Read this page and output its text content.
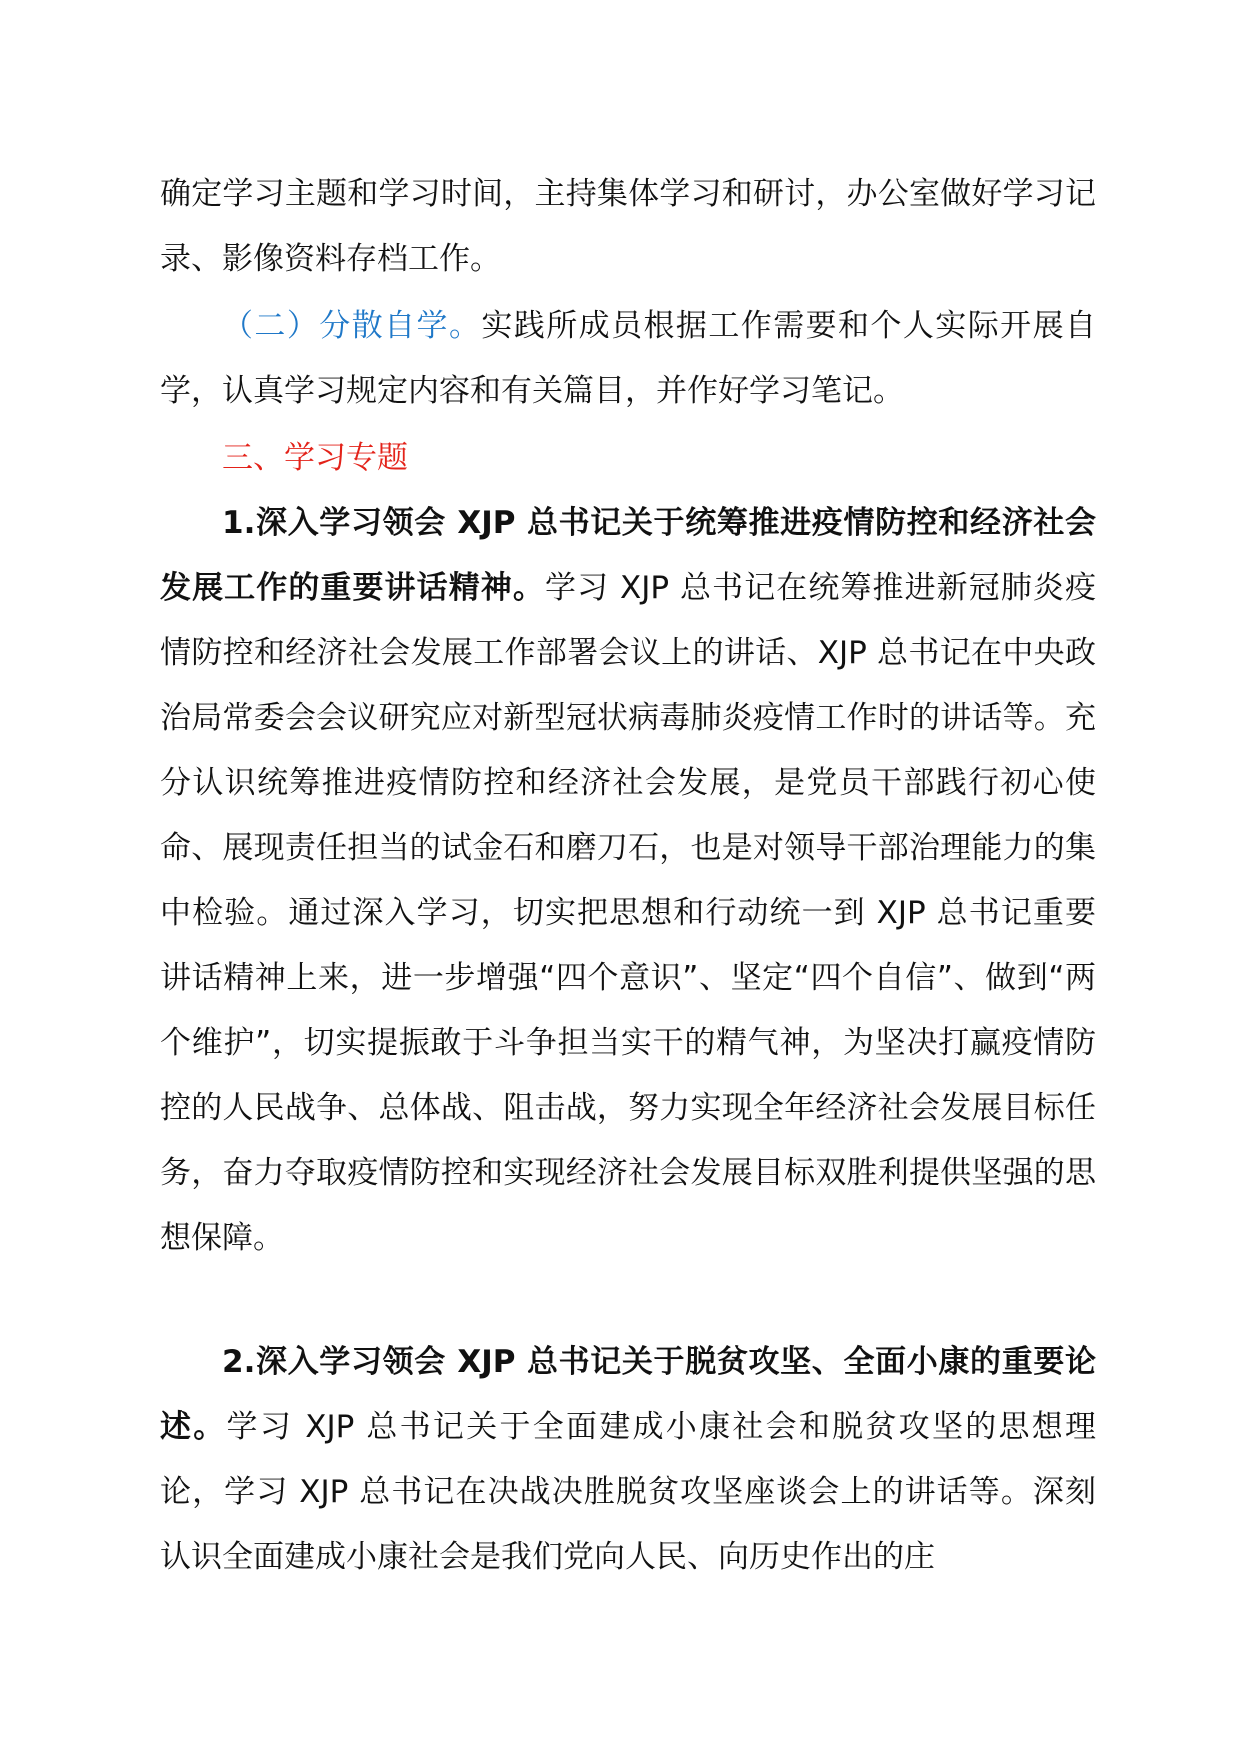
确定学习主题和学习时间，主持集体学习和研讨，办公室做好学习记录、影像资料存档工作。

（二）分散自学。实践所成员根据工作需要和个人实际开展自学，认真学习规定内容和有关篇目，并作好学习笔记。

三、学习专题

1.深入学习领会 XJP 总书记关于统筹推进疫情防控和经济社会发展工作的重要讲话精神。学习 XJP 总书记在统筹推进新冠肺炎疫情防控和经济社会发展工作部署会议上的讲话、XJP 总书记在中央政治局常委会会议研究应对新型冠状病毒肺炎疫情工作时的讲话等。充分认识统筹推进疫情防控和经济社会发展，是党员干部践行初心使命、展现责任担当的试金石和磨刀石，也是对领导干部治理能力的集中检验。通过深入学习，切实把思想和行动统一到 XJP 总书记重要讲话精神上来，进一步增强“四个意识”、坚定“四个自信”、做到“两个维护”，切实提振敢于斗争担当实干的精气神，为坚决打赢疫情防控的人民战争、总体战、阻击战，努力实现全年经济社会发展目标任务，奋力夺取疫情防控和实现经济社会发展目标双胜利提供坚强的思想保障。

2.深入学习领会 XJP 总书记关于脱贫攻坚、全面小康的重要论述。学习 XJP 总书记关于全面建成小康社会和脱贫攻坚的思想理论，学习 XJP 总书记在决战决胜脱贫攻坚座谈会上的讲话等。深刻认识全面建成小康社会是我们党向人民、向历史作出的庄
